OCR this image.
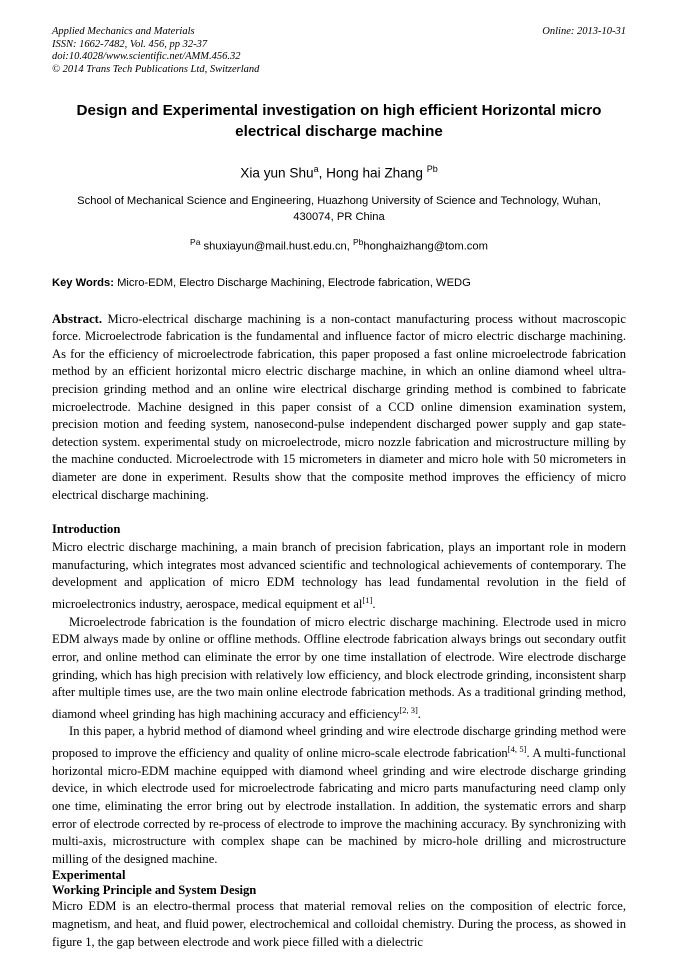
Applied Mechanics and Materials
ISSN: 1662-7482, Vol. 456, pp 32-37
doi:10.4028/www.scientific.net/AMM.456.32
© 2014 Trans Tech Publications Ltd, Switzerland
Online: 2013-10-31
Design and Experimental investigation on high efficient Horizontal micro electrical discharge machine
Xia yun Shu$^a$, Hong hai Zhang $^{Pb}$
School of Mechanical Science and Engineering, Huazhong University of Science and Technology, Wuhan, 430074, PR China
$^{Pa}$ shuxiayun@mail.hust.edu.cn, $^{Pb}$honghaizhang@tom.com
Key Words: Micro-EDM, Electro Discharge Machining, Electrode fabrication, WEDG
Abstract. Micro-electrical discharge machining is a non-contact manufacturing process without macroscopic force. Microelectrode fabrication is the fundamental and influence factor of micro electric discharge machining. As for the efficiency of microelectrode fabrication, this paper proposed a fast online microelectrode fabrication method by an efficient horizontal micro electric discharge machine, in which an online diamond wheel ultra-precision grinding method and an online wire electrical discharge grinding method is combined to fabricate microelectrode. Machine designed in this paper consist of a CCD online dimension examination system, precision motion and feeding system, nanosecond-pulse independent discharged power supply and gap state-detection system. experimental study on microelectrode, micro nozzle fabrication and microstructure milling by the machine conducted. Microelectrode with 15 micrometers in diameter and micro hole with 50 micrometers in diameter are done in experiment. Results show that the composite method improves the efficiency of micro electrical discharge machining.
Introduction

Micro electric discharge machining, a main branch of precision fabrication, plays an important role in modern manufacturing, which integrates most advanced scientific and technological achievements of contemporary. The development and application of micro EDM technology has lead fundamental revolution in the field of microelectronics industry, aerospace, medical equipment et al[1].

Microelectrode fabrication is the foundation of micro electric discharge machining. Electrode used in micro EDM always made by online or offline methods. Offline electrode fabrication always brings out secondary outfit error, and online method can eliminate the error by one time installation of electrode. Wire electrode discharge grinding, which has high precision with relatively low efficiency, and block electrode grinding, inconsistent sharp after multiple times use, are the two main online electrode fabrication methods. As a traditional grinding method, diamond wheel grinding has high machining accuracy and efficiency[2, 3].

In this paper, a hybrid method of diamond wheel grinding and wire electrode discharge grinding method were proposed to improve the efficiency and quality of online micro-scale electrode fabrication[4, 5]. A multi-functional horizontal micro-EDM machine equipped with diamond wheel grinding and wire electrode discharge grinding device, in which electrode used for microelectrode fabricating and micro parts manufacturing need clamp only one time, eliminating the error bring out by electrode installation. In addition, the systematic errors and sharp error of electrode corrected by re-process of electrode to improve the machining accuracy. By synchronizing with multi-axis, microstructure with complex shape can be machined by micro-hole drilling and microstructure milling of the designed machine.

Experimental

Working Principle and System Design

Micro EDM is an electro-thermal process that material removal relies on the composition of electric force, magnetism, and heat, and fluid power, electrochemical and colloidal chemistry. During the process, as showed in figure 1, the gap between electrode and work piece filled with a dielectric
